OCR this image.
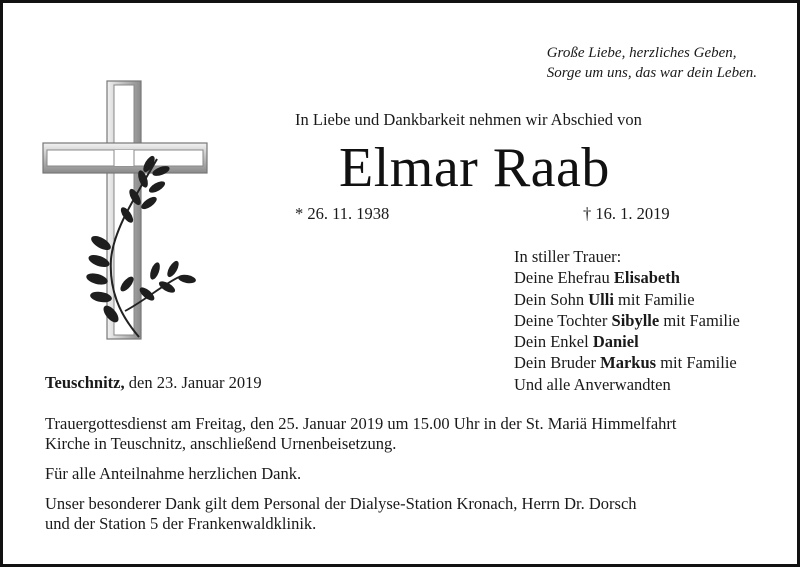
Große Liebe, herzliches Geben,
Sorge um uns, das war dein Leben.
In Liebe und Dankbarkeit nehmen wir Abschied von
Elmar Raab
* 26. 11. 1938	† 16. 1. 2019
In stiller Trauer:
Deine Ehefrau Elisabeth
Dein Sohn Ulli mit Familie
Deine Tochter Sibylle mit Familie
Dein Enkel Daniel
Dein Bruder Markus mit Familie
Und alle Anverwandten
Teuschnitz, den 23. Januar 2019

Trauergottesdienst am Freitag, den 25. Januar 2019 um 15.00 Uhr in der St. Mariä Himmelfahrt
Kirche in Teuschnitz, anschließend Urnenbeisetzung.

Für alle Anteilnahme herzlichen Dank.

Unser besonderer Dank gilt dem Personal der Dialyse-Station Kronach, Herrn Dr. Dorsch
und der Station 5 der Frankenwaldklinik.
